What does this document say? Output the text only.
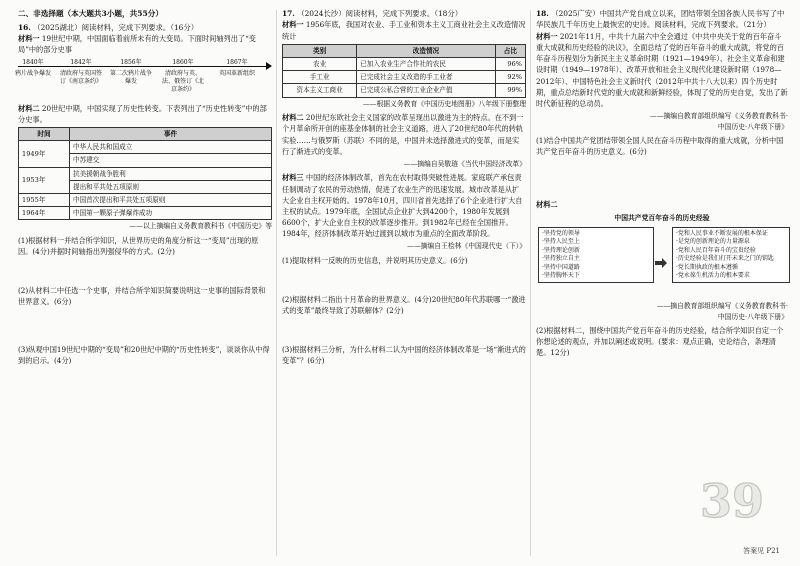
二、非选择题（本大题共3小题，共55分）
16. （2025湖北）阅读材料，完成下列要求。（16分）

材料一 19世纪中期，中国面临着前所未有的大变局。下面时间轴列出了“变局”中的部分史事

1840年
鸦片战争爆发
1842年
清政府与英国签订《南京条约》
1856年
第二次鸦片战争爆发
1860年
清政府与英、法、俄签订《北京条约》
1867年
英国革新组织

材料二 20世纪中期，中国实现了历史性转变。下表列出了“历史性转变”中的部分史事。

时间	事件
1949年	中华人民共和国成立
	中苏建交
1953年	抗美援朝战争胜利
	提出和平共处五项原则
1955年	中国首次提出和平共处五项原则
1964年	中国第一颗原子弹爆炸成功
——以上摘编自义务教育教科书《中国历史》等

(1)根据材料一并结合所学知识，从世界历史的角度分析这一“变局”出现的原因。(4分)并据时间轴指出列强侵华的方式。(2分)

(2)从材料二中任选一个史事，并结合所学知识简要说明这一史事的国际背景和世界意义。(6分)

(3)纵观中国19世纪中期的“变局”和20世纪中期的“历史性转变”，谈谈你从中得到的启示。(4分)

17. （2024长沙）阅读材料，完成下列要求。（18分）

材料一 1956年底，我国对农业、手工业和资本主义工商业社会主义改造情况统计

类别	改造情况	占比
农业	已加入农业生产合作社的农民	96%
手工业	已完成社会主义改造的手工业者	92%
资本主义工商业	已完成公私合营的工业企业产值	99%
——根据义务教育《中国历史地图册》八年级下册整理

材料二 20世纪东欧社会主义国家的改革呈现出以激进为主的特点。在不到一个月革命所开创的座基金体制的社会主义道路，进入了20世纪80年代的转轨实验……与俄罗斯（苏联）不同的是，中国并未选择激进式的变革，而是实行了渐进式的变革。

——摘编自吴敬琏《当代中国经济改革》

材料三 中国的经济体制改革，首先在农村取得突破性进展。家庭联产承包责任制调动了农民的劳动热情，促进了农业生产的迅速发展。城市改革是从扩大企业自主权开始的。1978年10月，四川省首先选择了6个企业进行扩大自主权的试点。1979年底，全国试点企业扩大到4200个，1980年发展到6600个，扩大企业自主权的改革逐步推开。到1982年已经在全国推开。1984年，经济体制改革开始过渡到以城市为重点的全面改革阶段。

——摘编自王桧林《中国现代史（下）》

(1)提取材料一反映的历史信息，并说明其历史意义。(6分)

(2)根据材料二指出十月革命的世界意义。(4分)20世纪80年代苏联哪一“激进式的变革”最终导致了苏联解体？(2分)

(3)根据材料三分析，为什么材料二认为中国的经济体制改革是一场“渐进式的变革”？(6分)

18. （2025广安）中国共产党自成立以来，团结带领全国各族人民书写了中华民族几千年历史上最恢宏的史诗。阅读材料，完成下列要求。（21分）

材料一 2021年11月，中共十九届六中全会通过《中共中央关于党的百年奋斗重大成就和历史经验的决议》，全面总结了党的百年奋斗的重大成就，将党的百年奋斗历程划分为新民主主义革命时期（1921—1949年）、社会主义革命和建设时期（1949—1978年）、改革开放和社会主义现代化建设新时期（1978—2012年）、中国特色社会主义新时代（2012年中共十八大以来）四个历史时期，重点总结新时代党的重大成就和新鲜经验，体现了党的历史自觉，发出了新时代新征程的总动员。

——摘编自教育部组织编写《义务教育教科书·
中国历史·八年级下册》

(1)结合中国共产党团结带领全国人民在奋斗历程中取得的重大成就，分析中国共产党百年奋斗的历史意义。(6分)

材料二

中国共产党百年奋斗的历史经验
·坚持党的领导
·坚持人民至上
·坚持理论创新
·坚持独立自主
·坚持中国道路
·坚持胸怀天下
·党和人民事业不断发展的根本保证
·是党的创新理论的力量源泉
·党和人民百年奋斗的宝贵经验
·历史经验是我们打开未来之门的钥匙
·党长期执政的根本遵循
·党永葆生机活力的根本要求
——摘自教育部组织编写《义务教育教科书·
中国历史·八年级下册》

(2)根据材料二，围绕中国共产党百年奋斗的历史经验，结合所学知识自定一个你想论述的观点，并加以阐述或说明。(要求：观点正确，史论结合，条理清楚。12分)

39
答案见 P21
